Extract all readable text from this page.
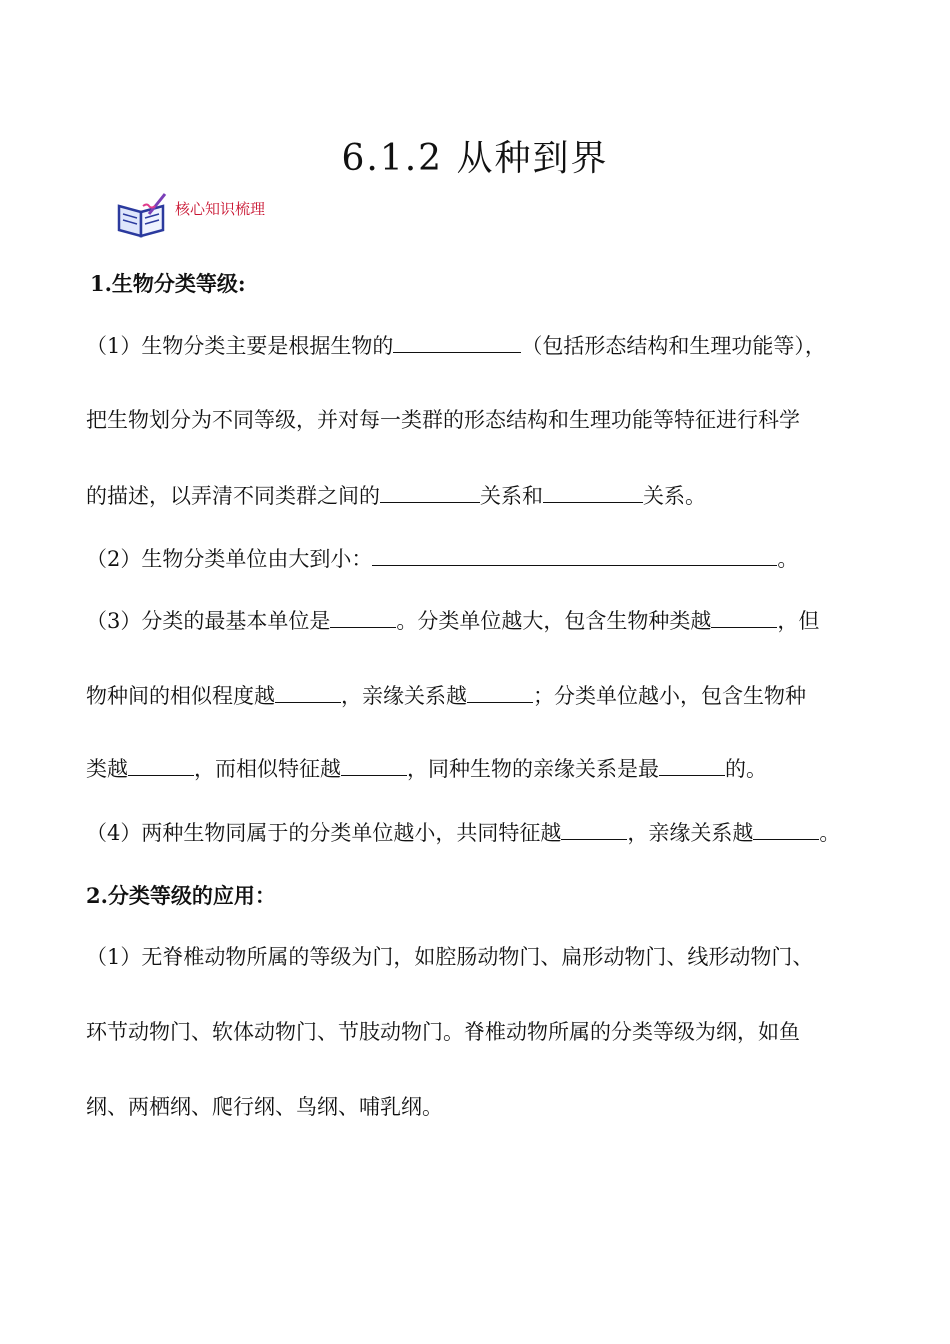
6.1.2 从种到界
核心知识梳理
1.生物分类等级:
（1）生物分类主要是根据生物的	（包括形态结构和生理功能等），
把生物划分为不同等级，并对每一类群的形态结构和生理功能等特征进行科学
的描述，以弄清不同类群之间的	关系和	关系。
（2）生物分类单位由大到小：	。
（3）分类的最基本单位是	。分类单位越大，包含生物种类越	，但
物种间的相似程度越	，亲缘关系越	；分类单位越小，包含生物种
类越	，而相似特征越	，同种生物的亲缘关系是最	的。
（4）两种生物同属于的分类单位越小，共同特征越	，亲缘关系越	。
2.分类等级的应用：
（1）无脊椎动物所属的等级为门，如腔肠动物门、扁形动物门、线形动物门、
环节动物门、软体动物门、节肢动物门。脊椎动物所属的分类等级为纲，如鱼
纲、两栖纲、爬行纲、鸟纲、哺乳纲。
